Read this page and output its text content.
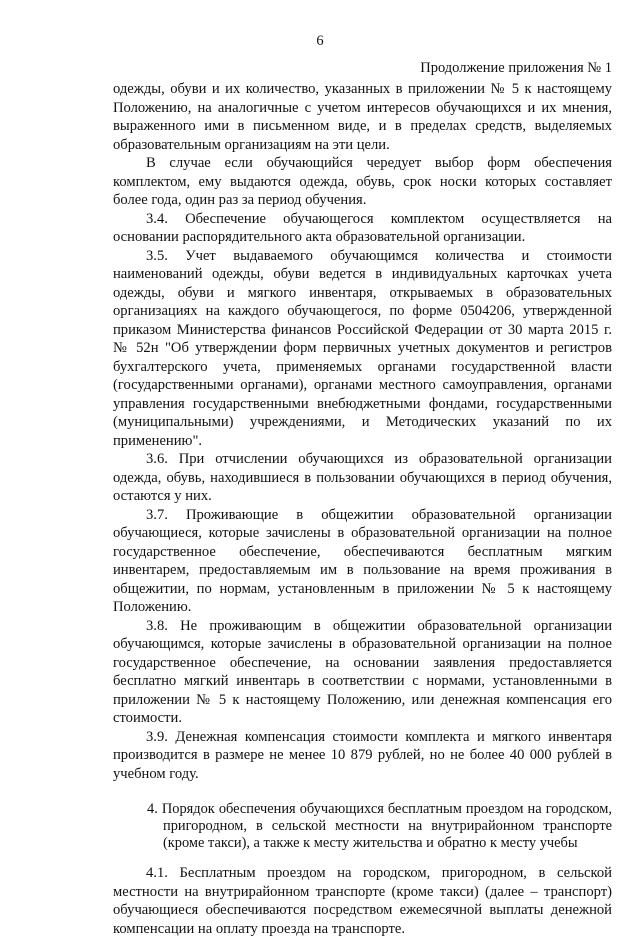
6
Продолжение приложения № 1

одежды, обуви и их количество, указанных в приложении № 5 к настоящему Положению, на аналогичные с учетом интересов обучающихся и их мнения, выраженного ими в письменном виде, и в пределах средств, выделяемых образовательным организациям на эти цели.

В случае если обучающийся чередует выбор форм обеспечения комплектом, ему выдаются одежда, обувь, срок носки которых составляет более года, один раз за период обучения.

3.4. Обеспечение обучающегося комплектом осуществляется на основании распорядительного акта образовательной организации.

3.5. Учет выдаваемого обучающимся количества и стоимости наименований одежды, обуви ведется в индивидуальных карточках учета одежды, обуви и мягкого инвентаря, открываемых в образовательных организациях на каждого обучающегося, по форме 0504206, утвержденной приказом Министерства финансов Российской Федерации от 30 марта 2015 г. № 52н "Об утверждении форм первичных учетных документов и регистров бухгалтерского учета, применяемых органами государственной власти (государственными органами), органами местного самоуправления, органами управления государственными внебюджетными фондами, государственными (муниципальными) учреждениями, и Методических указаний по их применению".

3.6. При отчислении обучающихся из образовательной организации одежда, обувь, находившиеся в пользовании обучающихся в период обучения, остаются у них.

3.7. Проживающие в общежитии образовательной организации обучающиеся, которые зачислены в образовательной организации на полное государственное обеспечение, обеспечиваются бесплатным мягким инвентарем, предоставляемым им в пользование на время проживания в общежитии, по нормам, установленным в приложении № 5 к настоящему Положению.

3.8. Не проживающим в общежитии образовательной организации обучающимся, которые зачислены в образовательной организации на полное государственное обеспечение, на основании заявления предоставляется бесплатно мягкий инвентарь в соответствии с нормами, установленными в приложении № 5 к настоящему Положению, или денежная компенсация его стоимости.

3.9. Денежная компенсация стоимости комплекта и мягкого инвентаря производится в размере не менее 10 879 рублей, но не более 40 000 рублей в учебном году.

4. Порядок обеспечения обучающихся бесплатным проездом на городском, пригородном, в сельской местности на внутрирайонном транспорте (кроме такси), а также к месту жительства и обратно к месту учебы

4.1. Бесплатным проездом на городском, пригородном, в сельской местности на внутрирайонном транспорте (кроме такси) (далее – транспорт) обучающиеся обеспечиваются посредством ежемесячной выплаты денежной компенсации на оплату проезда на транспорте.
